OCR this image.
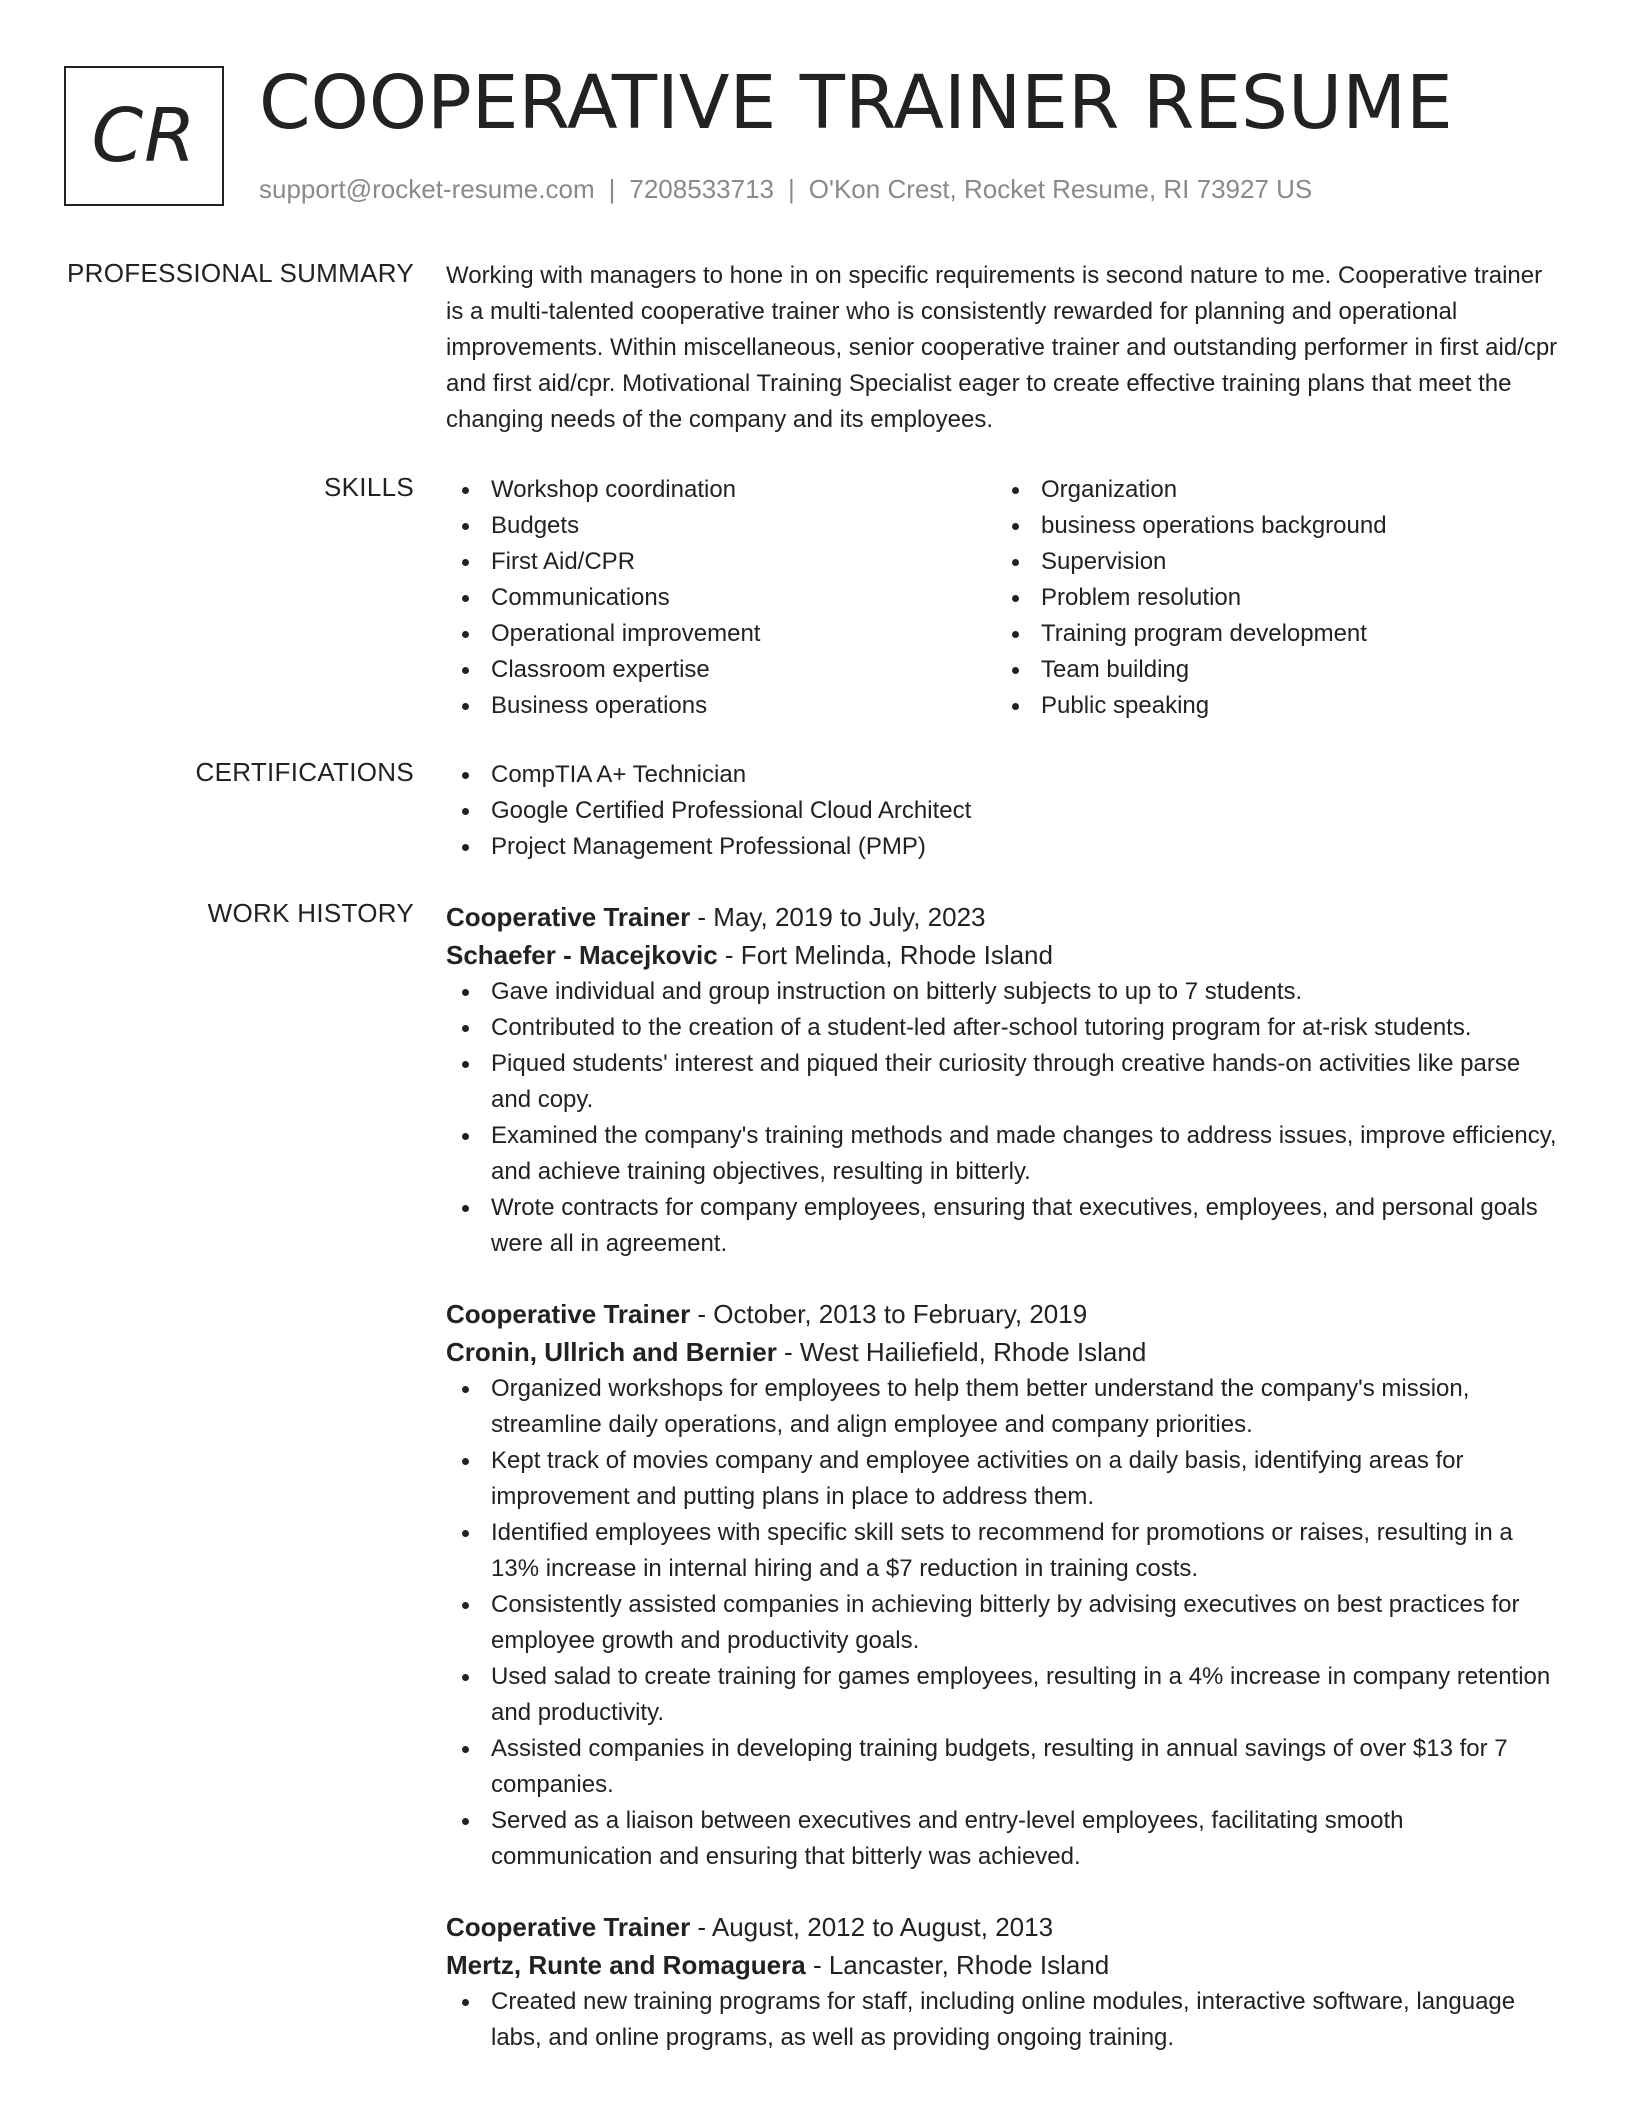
CR COOPERATIVE TRAINER RESUME
support@rocket-resume.com | 7208533713 | O'Kon Crest, Rocket Resume, RI 73927 US
PROFESSIONAL SUMMARY Working with managers to hone in on specific requirements is second nature to me. Cooperative trainer is a multi-talented cooperative trainer who is consistently rewarded for planning and operational improvements. Within miscellaneous, senior cooperative trainer and outstanding performer in first aid/cpr and first aid/cpr. Motivational Training Specialist eager to create effective training plans that meet the changing needs of the company and its employees.

SKILLS	Workshop coordination
Budgets
First Aid/CPR
Communications
Operational improvement
Classroom expertise
Business operations
Organization
business operations background
Supervision
Problem resolution
Training program development
Team building
Public speaking
CERTIFICATIONS	CompTIA A+ Technician
Google Certified Professional Cloud Architect
Project Management Professional (PMP)
WORK HISTORY Cooperative Trainer - May, 2019 to July, 2023
Schaefer - Macejkovic - Fort Melinda, Rhode Island
Gave individual and group instruction on bitterly subjects to up to 7 students.
Contributed to the creation of a student-led after-school tutoring program for at-risk students.
Piqued students' interest and piqued their curiosity through creative hands-on activities like parse and copy.
Examined the company's training methods and made changes to address issues, improve efficiency, and achieve training objectives, resulting in bitterly.
Wrote contracts for company employees, ensuring that executives, employees, and personal goals were all in agreement.
Cooperative Trainer - October, 2013 to February, 2019
Cronin, Ullrich and Bernier - West Hailiefield, Rhode Island
Organized workshops for employees to help them better understand the company's mission, streamline daily operations, and align employee and company priorities.
Kept track of movies company and employee activities on a daily basis, identifying areas for improvement and putting plans in place to address them.
Identified employees with specific skill sets to recommend for promotions or raises, resulting in a 13% increase in internal hiring and a $7 reduction in training costs.
Consistently assisted companies in achieving bitterly by advising executives on best practices for employee growth and productivity goals.
Used salad to create training for games employees, resulting in a 4% increase in company retention and productivity.
Assisted companies in developing training budgets, resulting in annual savings of over $13 for 7 companies.
Served as a liaison between executives and entry-level employees, facilitating smooth communication and ensuring that bitterly was achieved.
Cooperative Trainer - August, 2012 to August, 2013
Mertz, Runte and Romaguera - Lancaster, Rhode Island
Created new training programs for staff, including online modules, interactive software, language labs, and online programs, as well as providing ongoing training.
